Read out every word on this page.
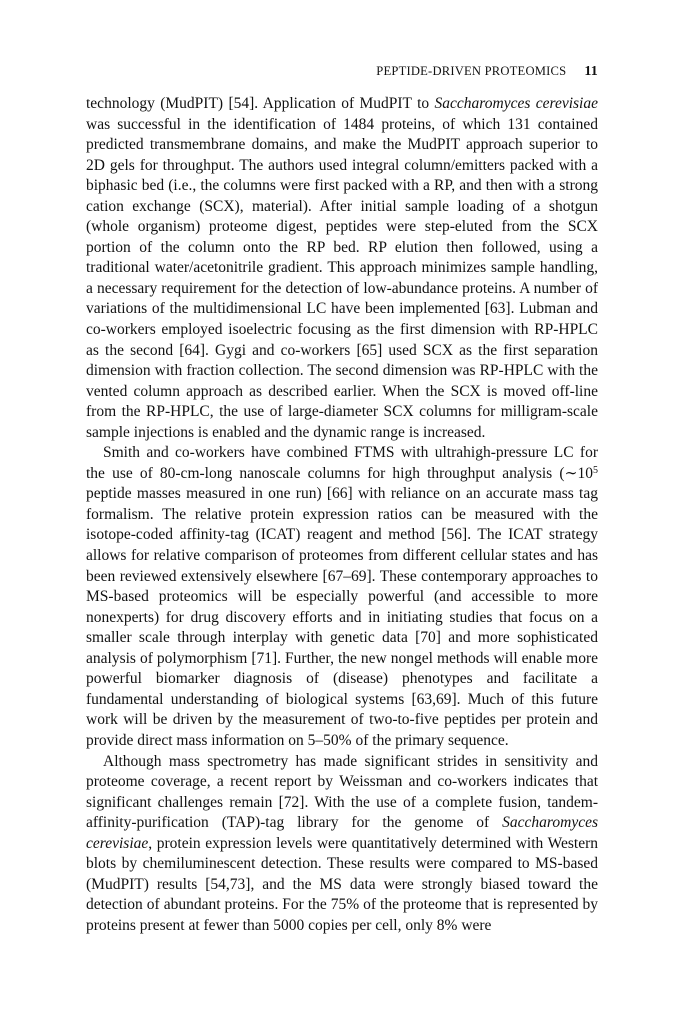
PEPTIDE-DRIVEN PROTEOMICS 11

technology (MudPIT) [54]. Application of MudPIT to Saccharomyces cerevisiae was successful in the identification of 1484 proteins, of which 131 contained predicted transmembrane domains, and make the MudPIT approach superior to 2D gels for throughput. The authors used integral column/emitters packed with a biphasic bed (i.e., the columns were first packed with a RP, and then with a strong cation exchange (SCX), material). After initial sample loading of a shotgun (whole organism) proteome digest, peptides were step-eluted from the SCX portion of the column onto the RP bed. RP elution then followed, using a traditional water/acetonitrile gradient. This approach minimizes sample handling, a necessary requirement for the detection of low-abundance proteins. A number of variations of the multidimensional LC have been implemented [63]. Lubman and co-workers employed isoelectric focusing as the first dimension with RP-HPLC as the second [64]. Gygi and co-workers [65] used SCX as the first separation dimension with fraction collection. The second dimension was RP-HPLC with the vented column approach as described earlier. When the SCX is moved off-line from the RP-HPLC, the use of large-diameter SCX columns for milligram-scale sample injections is enabled and the dynamic range is increased.

Smith and co-workers have combined FTMS with ultrahigh-pressure LC for the use of 80-cm-long nanoscale columns for high throughput analysis ($\sim 10^5$ peptide masses measured in one run) [66] with reliance on an accurate mass tag formalism. The relative protein expression ratios can be measured with the isotope-coded affinity-tag (ICAT) reagent and method [56]. The ICAT strategy allows for relative comparison of proteomes from different cellular states and has been reviewed extensively elsewhere [67–69]. These contemporary approaches to MS-based proteomics will be especially powerful (and accessible to more nonexperts) for drug discovery efforts and in initiating studies that focus on a smaller scale through interplay with genetic data [70] and more sophisticated analysis of polymorphism [71]. Further, the new nongel methods will enable more powerful biomarker diagnosis of (disease) phenotypes and facilitate a fundamental understanding of biological systems [63,69]. Much of this future work will be driven by the measurement of two-to-five peptides per protein and provide direct mass information on 5–50% of the primary sequence.

Although mass spectrometry has made significant strides in sensitivity and proteome coverage, a recent report by Weissman and co-workers indicates that significant challenges remain [72]. With the use of a complete fusion, tandem-affinity-purification (TAP)-tag library for the genome of Saccharomyces cerevisiae, protein expression levels were quantitatively determined with Western blots by chemiluminescent detection. These results were compared to MS-based (MudPIT) results [54,73], and the MS data were strongly biased toward the detection of abundant proteins. For the 75% of the proteome that is represented by proteins present at fewer than 5000 copies per cell, only 8% were
